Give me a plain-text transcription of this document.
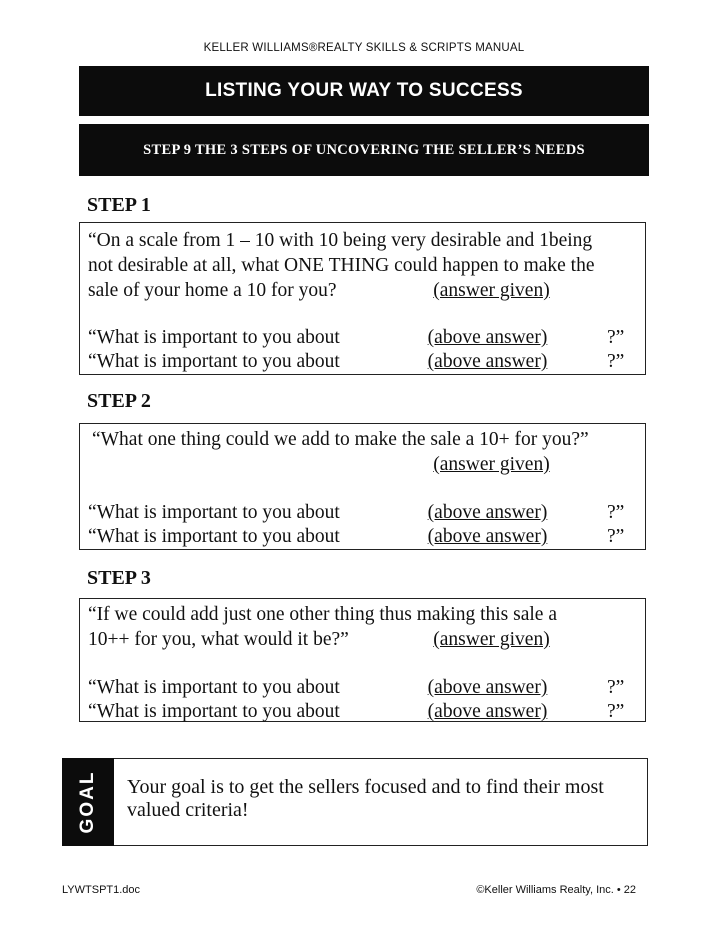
KELLER WILLIAMS®REALTY SKILLS & SCRIPTS MANUAL
LISTING YOUR WAY TO SUCCESS
STEP 9 THE 3 STEPS OF UNCOVERING THE SELLER’S NEEDS
STEP 1
“On a scale from 1 – 10 with 10 being very desirable and 1being
not desirable at all, what ONE THING could happen to make the
sale of your home a 10 for you?	(answer given)
“What is important to you about	(above answer)	?”
“What is important to you about	(above answer)	?”
STEP 2
“What one thing could we add to make the sale a 10+ for you?”
(answer given)
“What is important to you about	(above answer)	?”
“What is important to you about	(above answer)	?”
STEP 3
“If we could add just one other thing thus making this sale a
10++ for you, what would it be?”	(answer given)
“What is important to you about	(above answer)	?”
“What is important to you about	(above answer)	?”
GOAL Your goal is to get the sellers focused and to find their most
valued criteria!
LYWTSPT1.doc	©Keller Williams Realty, Inc. • 22
